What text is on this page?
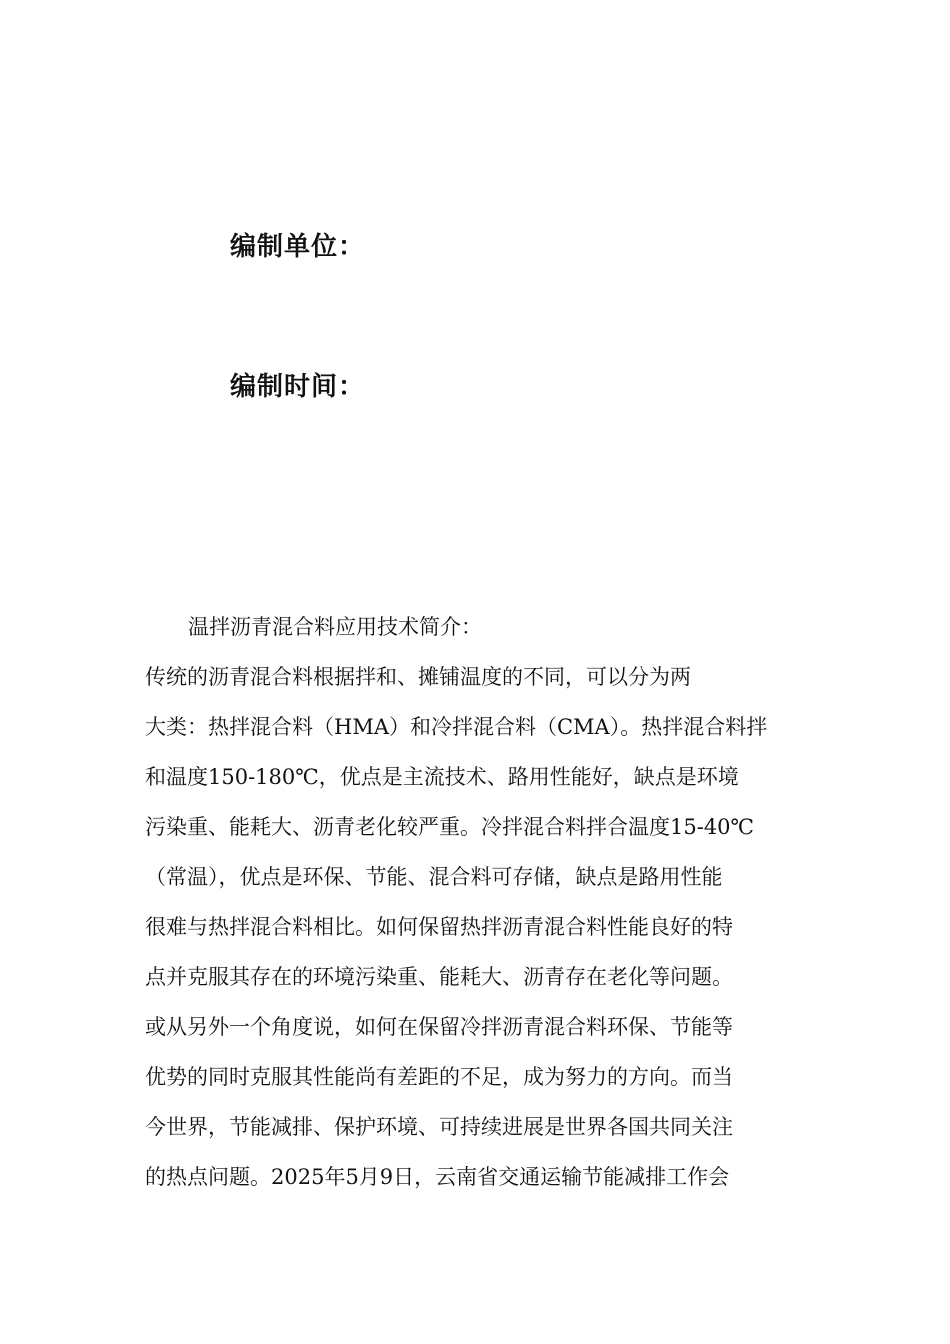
编制单位：
编制时间：

温拌沥青混合料应用技术简介：

传统的沥青混合料根据拌和、摊铺温度的不同，可以分为两

大类：热拌混合料（HMA）和冷拌混合料（CMA）。热拌混合料拌

和温度150-180℃，优点是主流技术、路用性能好，缺点是环境

污染重、能耗大、沥青老化较严重。冷拌混合料拌合温度15-40℃

（常温），优点是环保、节能、混合料可存储，缺点是路用性能

很难与热拌混合料相比。如何保留热拌沥青混合料性能良好的特

点并克服其存在的环境污染重、能耗大、沥青存在老化等问题。

或从另外一个角度说，如何在保留冷拌沥青混合料环保、节能等

优势的同时克服其性能尚有差距的不足，成为努力的方向。而当

今世界，节能减排、保护环境、可持续进展是世界各国共同关注

的热点问题。2025年5月9日，云南省交通运输节能减排工作会
